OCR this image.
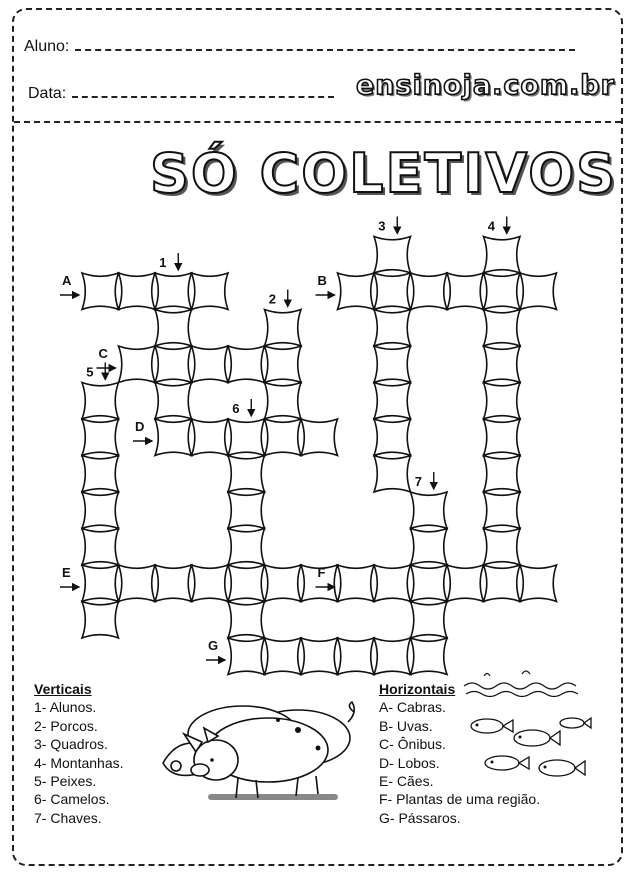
Aluno:
Data:	ensinoja.com.br
SÓ COLETIVOS
A	B
C
D
E	F
G
1
2
3	4
5
6
7
Verticais
1- Alunos.
2- Porcos.
3- Quadros.
4- Montanhas.
5- Peixes.
6- Camelos.
7- Chaves.
Horizontais
A- Cabras.
B- Uvas.
C- Ônibus.
D- Lobos.
E- Cães.
F- Plantas de uma região.
G- Pássaros.
